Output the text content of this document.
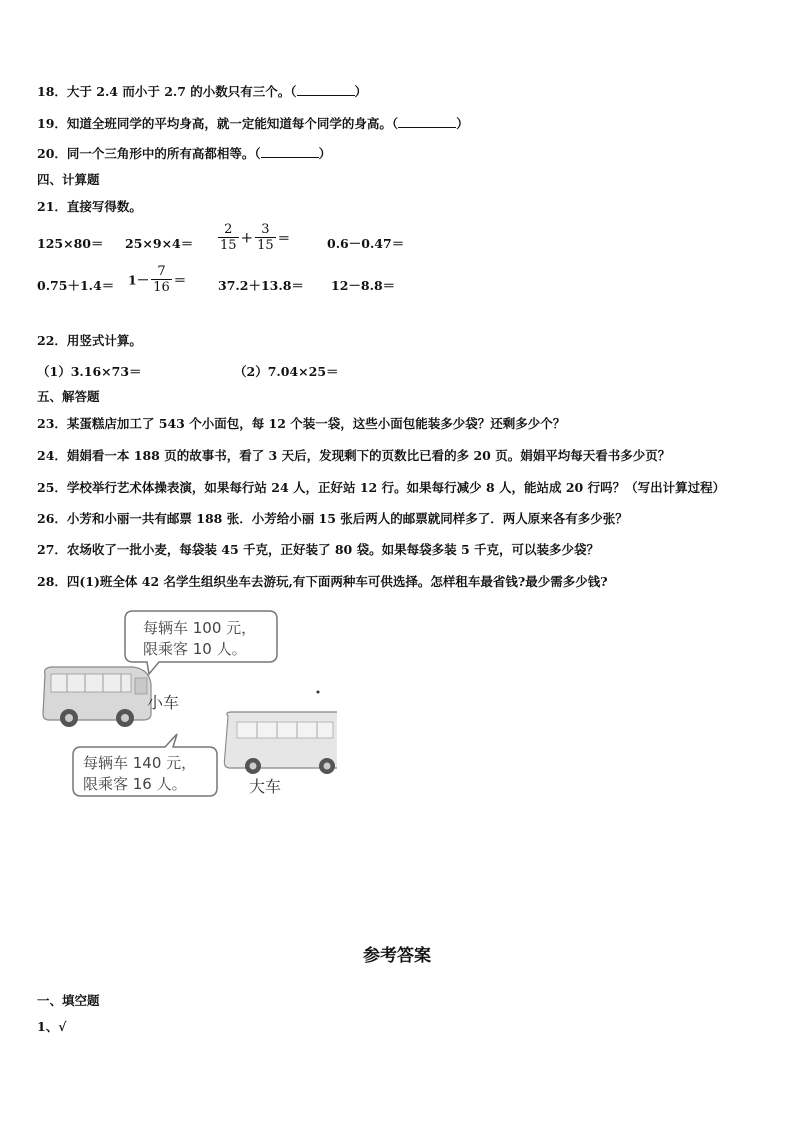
18．大于 2.4 而小于 2.7 的小数只有三个。（	）
19．知道全班同学的平均身高，就一定能知道每个同学的身高。（	）
20．同一个三角形中的所有高都相等。（	）
四、计算题
21．直接写得数。
$125\times 80= 25\times 9\times 4= \frac{2}{15} + \frac{3}{15}$ ＝	0.6－0.47＝
$0.75+1.4= 1- \frac{7}{16}$ ＝	37.2＋13.8＝ 12－8.8＝
22．用竖式计算。
（1）3.16×73＝	（2）7.04×25＝
五、解答题
23．某蛋糕店加工了 543 个小面包，每 12 个装一袋，这些小面包能装多少袋？还剩多少个？
24．娟娟看一本 188 页的故事书，看了 3 天后，发现剩下的页数比已看的多 20 页。娟娟平均每天看书多少页？
25．学校举行艺术体操表演，如果每行站 24 人，正好站 12 行。如果每行减少 8 人，能站成 20 行吗？（写出计算过程）
26．小芳和小丽一共有邮票 188 张．小芳给小丽 15 张后两人的邮票就同样多了．两人原来各有多少张？
27．农场收了一批小麦，每袋装 45 千克，正好装了 80 袋。如果每袋多装 5 千克，可以装多少袋？
28．四(1)班全体 42 名学生组织坐车去游玩,有下面两种车可供选择。怎样租车最省钱?最少需多少钱?
每辆车 100 元，
限乘客 10 人。
小车
大车
每辆车 140 元，
限乘客 16 人。
参考答案
一、填空题
1、√
